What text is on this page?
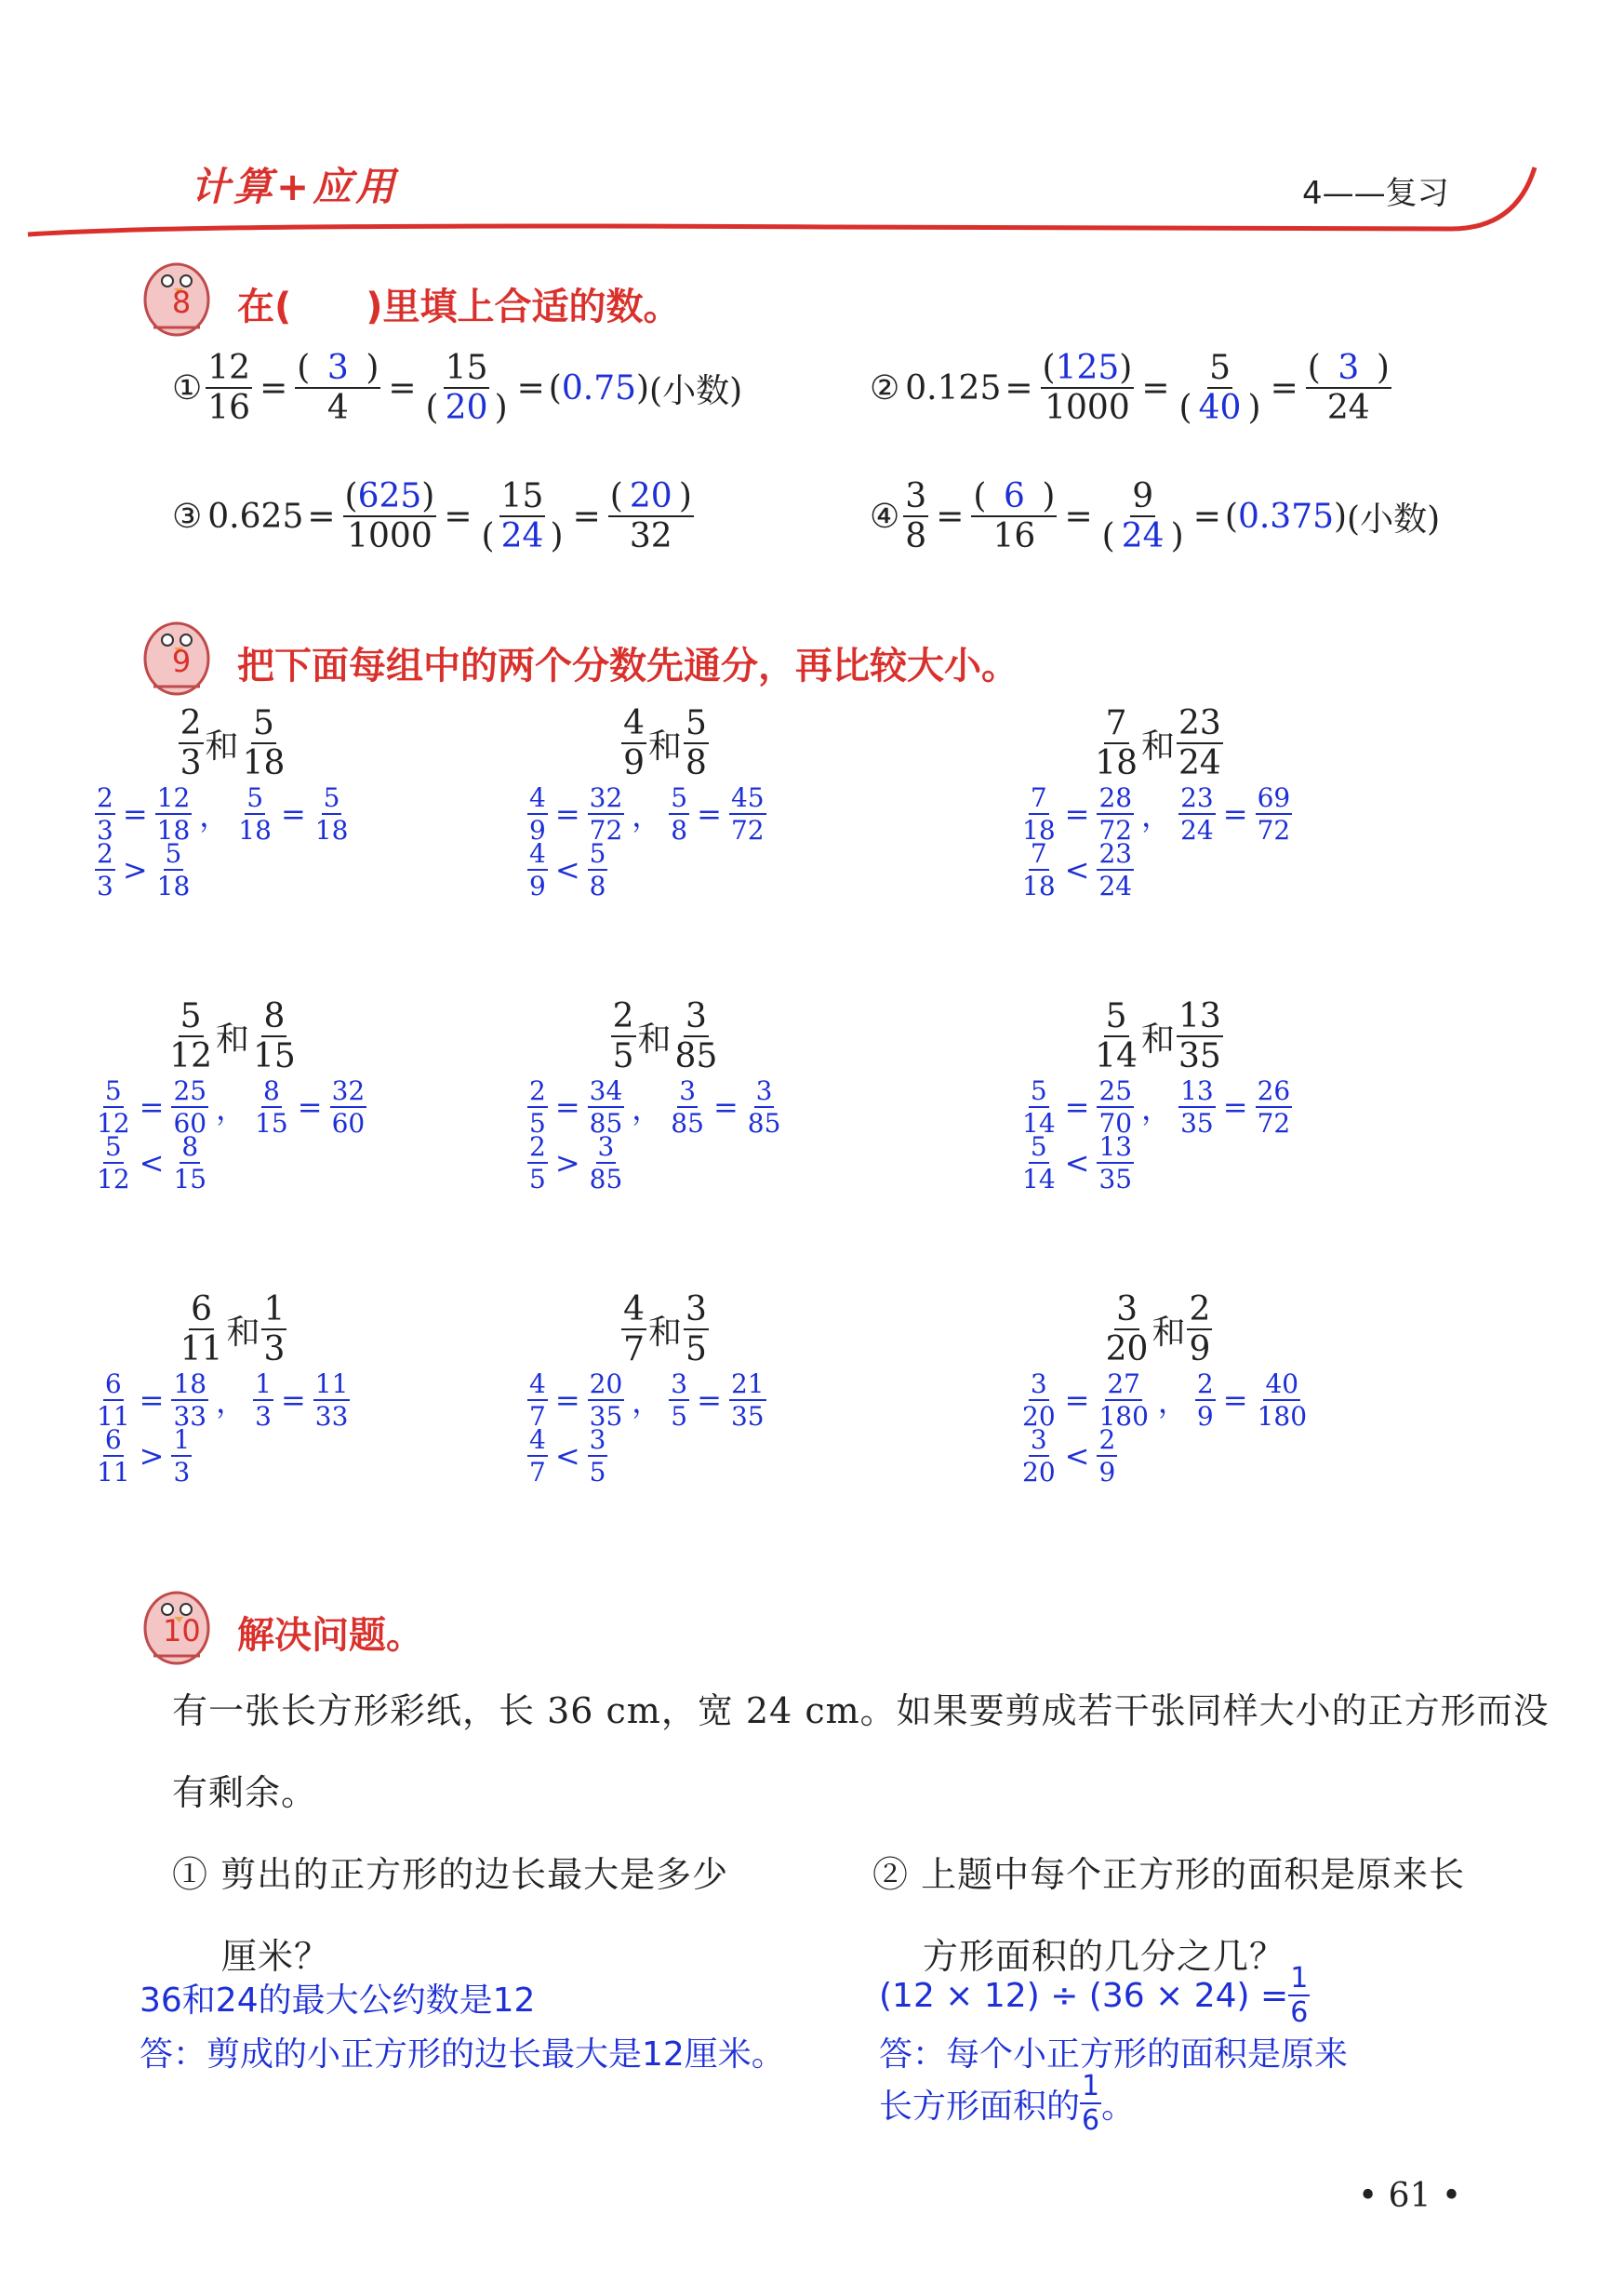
计算+应用	4——复习
8 在(　　)里填上合适的数。
① $\frac{12}{16} = \frac{( 3 )}{4} = \frac{15}{( 20 )} = (0.75)$ (小数)	② $0.125 = \frac{(125)}{1000} = \frac{5}{( 40 )} = \frac{( 3 )}{24}$
③ $0.625 = \frac{(625)}{1000} = \frac{15}{( 24 )} = \frac{( 20 )}{32}$	④ $\frac{3}{8} = \frac{( 6 )}{16} = \frac{9}{( 24 )} = (0.375)$ (小数)
9 把下面每组中的两个分数先通分，再比较大小。
$\frac{2}{3}$ 和 $\frac{5}{18}$
$\frac{2}{3} = \frac{12}{18}$ ， $\frac{5}{18} = \frac{5}{18}$
$\frac{2}{3} > \frac{5}{18}$
$\frac{4}{9}$ 和 $\frac{5}{8}$
$\frac{4}{9} = \frac{32}{72}$ ， $\frac{5}{8} = \frac{45}{72}$
$\frac{4}{9} < \frac{5}{8}$
$\frac{7}{18}$ 和 $\frac{23}{24}$
$\frac{7}{18} = \frac{28}{72}$ ， $\frac{23}{24} = \frac{69}{72}$
$\frac{7}{18} < \frac{23}{24}$
$\frac{5}{12}$ 和 $\frac{8}{15}$
$\frac{5}{12} = \frac{25}{60}$ ， $\frac{8}{15} = \frac{32}{60}$
$\frac{5}{12} < \frac{8}{15}$
$\frac{2}{5}$ 和 $\frac{3}{85}$
$\frac{2}{5} = \frac{34}{85}$ ， $\frac{3}{85} = \frac{3}{85}$
$\frac{2}{5} > \frac{3}{85}$
$\frac{5}{14}$ 和 $\frac{13}{35}$
$\frac{5}{14} = \frac{25}{70}$ ， $\frac{13}{35} = \frac{26}{72}$
$\frac{5}{14} < \frac{13}{35}$
$\frac{6}{11}$ 和 $\frac{1}{3}$
$\frac{6}{11} = \frac{18}{33}$ ， $\frac{1}{3} = \frac{11}{33}$
$\frac{6}{11} > \frac{1}{3}$
$\frac{4}{7}$ 和 $\frac{3}{5}$
$\frac{4}{7} = \frac{20}{35}$ ， $\frac{3}{5} = \frac{21}{35}$
$\frac{4}{7} < \frac{3}{5}$
$\frac{3}{20}$ 和 $\frac{2}{9}$
$\frac{3}{20} = \frac{27}{180}$ ， $\frac{2}{9} = \frac{40}{180}$
$\frac{3}{20} < \frac{2}{9}$
10 解决问题。
有一张长方形彩纸，长 36 cm，宽 24 cm。如果要剪成若干张同样大小的正方形而没
有剩余。
① 剪出的正方形的边长最大是多少
厘米？
36和24的最大公约数是12
答：剪成的小正方形的边长最大是12厘米。
② 上题中每个正方形的面积是原来长
方形面积的几分之几？
$(12 \times 12) \div (36 \times 24) = \frac{1}{6}$
答：每个小正方形的面积是原来
长方形面积的 $\frac{1}{6}$ 。
• 61 •
